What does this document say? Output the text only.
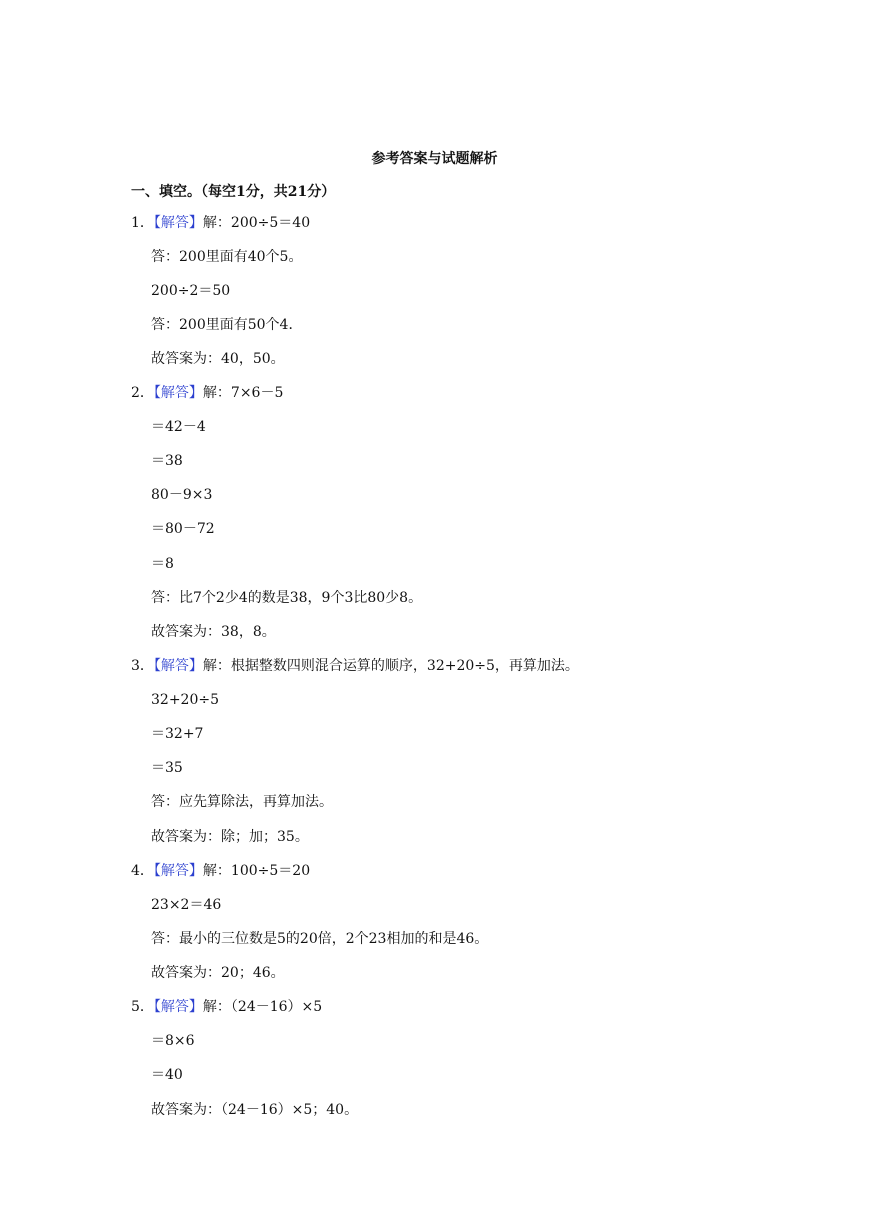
参考答案与试题解析
一、填空。（每空1分，共21分）
1．【解答】解：200÷5＝40
答：200里面有40个5。
200÷2＝50
答：200里面有50个4．
故答案为：40，50。
2．【解答】解：7×6－5
＝42－4
＝38
80－9×3
＝80－72
＝8
答：比7个2少4的数是38，9个3比80少8。
故答案为：38，8。
3．【解答】解：根据整数四则混合运算的顺序，32+20÷5，再算加法。
32+20÷5
＝32+7
＝35
答：应先算除法，再算加法。
故答案为：除；加；35。
4．【解答】解：100÷5＝20
23×2＝46
答：最小的三位数是5的20倍，2个23相加的和是46。
故答案为：20；46。
5．【解答】解：（24－16）×5
＝8×6
＝40
故答案为：（24－16）×5；40。
